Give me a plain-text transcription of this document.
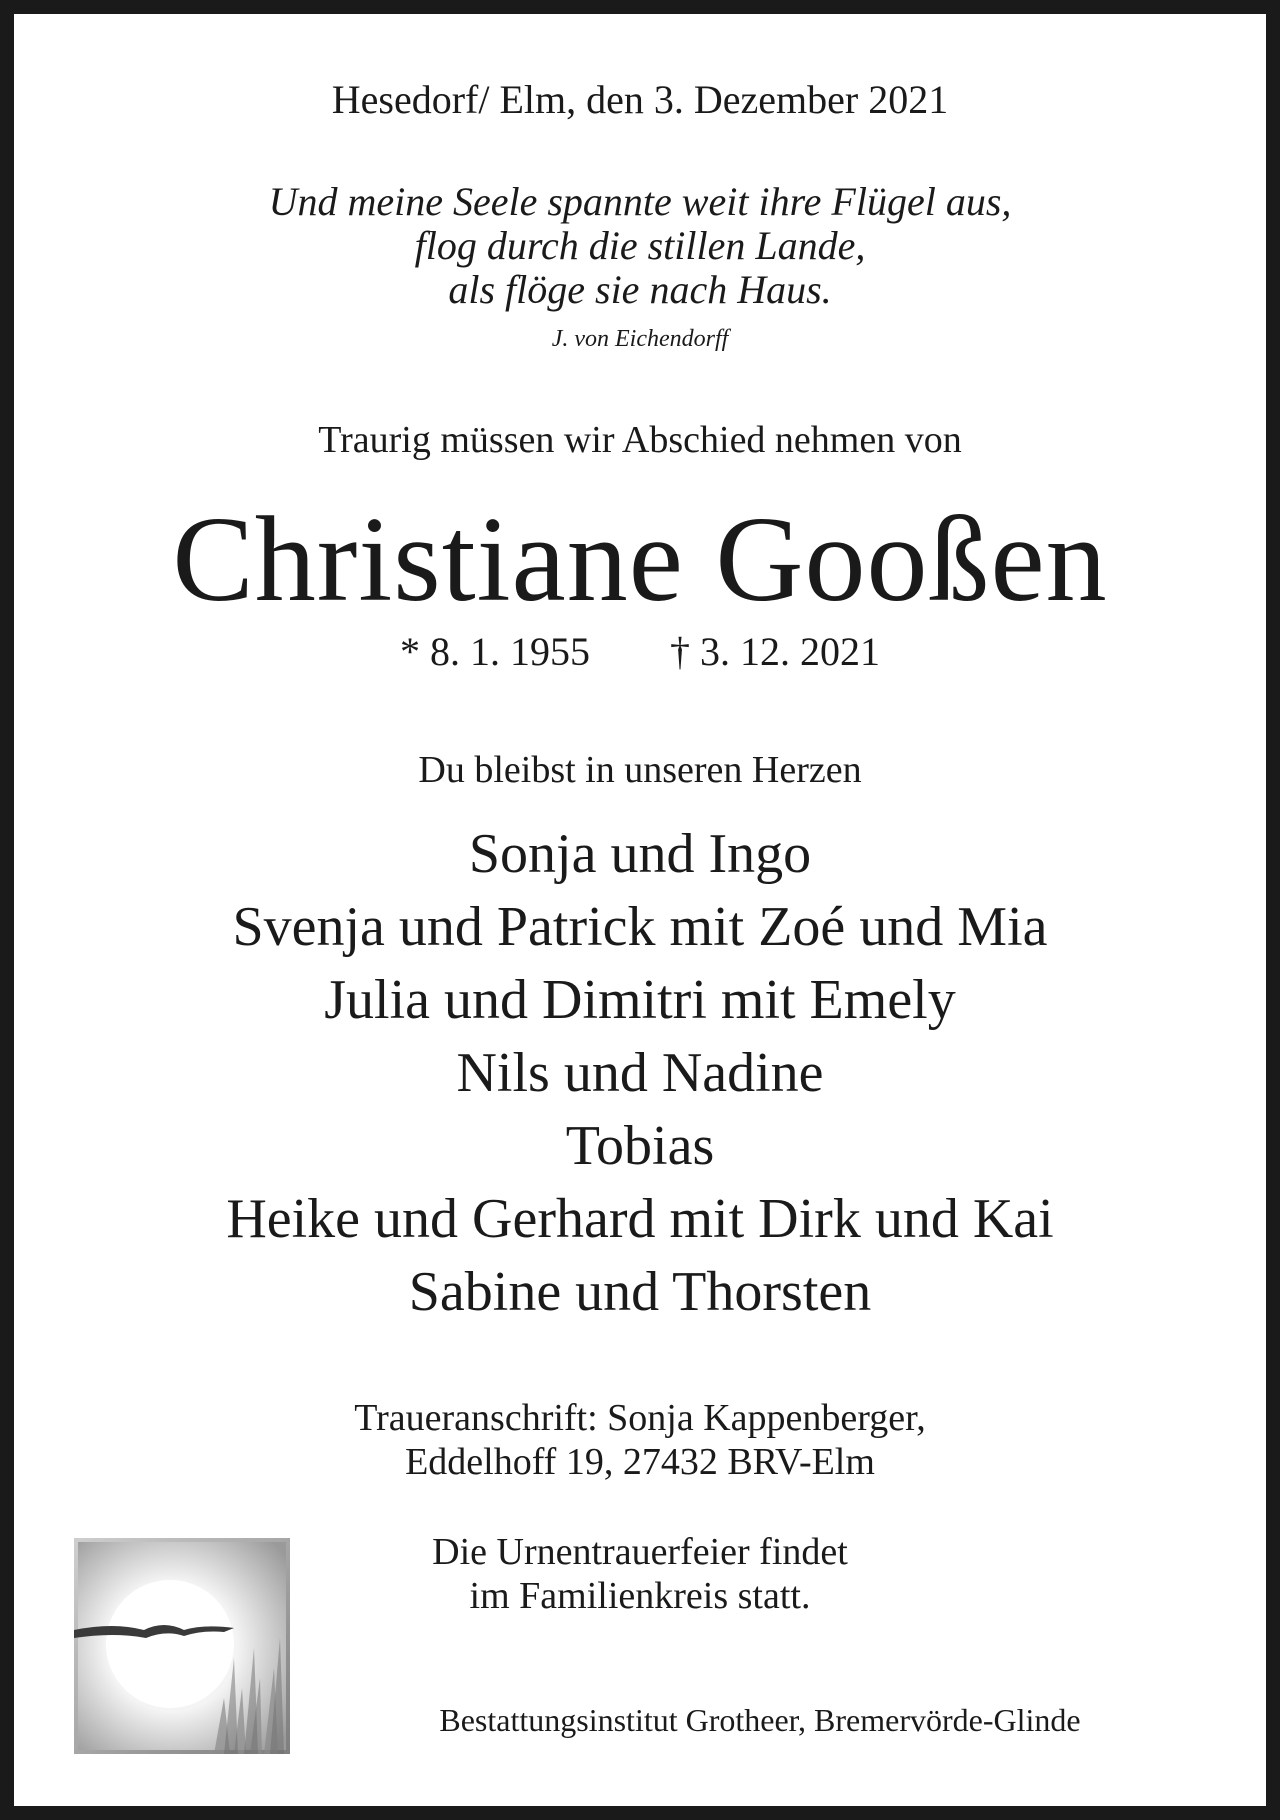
Hesedorf/ Elm, den 3. Dezember 2021
Und meine Seele spannte weit ihre Flügel aus,
flog durch die stillen Lande,
als flöge sie nach Haus.
J. von Eichendorff
Traurig müssen wir Abschied nehmen von
Christiane Gooßen
* 8. 1. 1955 † 3. 12. 2021
Du bleibst in unseren Herzen
Sonja und Ingo
Svenja und Patrick mit Zoé und Mia
Julia und Dimitri mit Emely
Nils und Nadine
Tobias
Heike und Gerhard mit Dirk und Kai
Sabine und Thorsten
Traueranschrift: Sonja Kappenberger,
Eddelhoff 19, 27432 BRV-Elm
Die Urnentrauerfeier findet
im Familienkreis statt.
Bestattungsinstitut Grotheer, Bremervörde-Glinde
